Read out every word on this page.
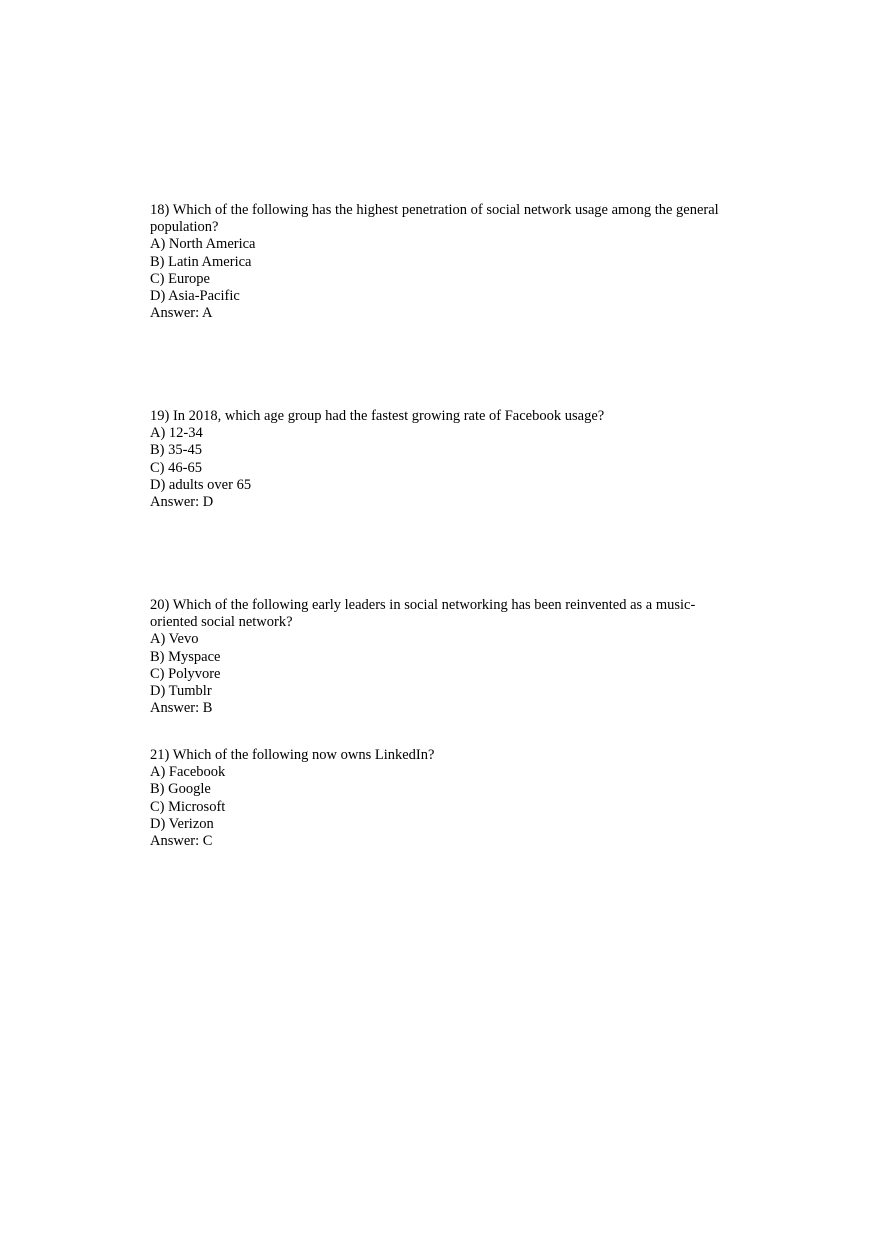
18) Which of the following has the highest penetration of social network usage among the general population?

A) North America
B) Latin America
C) Europe
D) Asia-Pacific

Answer: A

19) In 2018, which age group had the fastest growing rate of Facebook usage?

A) 12-34
B) 35-45
C) 46-65
D) adults over 65

Answer: D

20) Which of the following early leaders in social networking has been reinvented as a music-oriented social network?

A) Vevo
B) Myspace
C) Polyvore
D) Tumblr

Answer: B

21) Which of the following now owns LinkedIn?

A) Facebook
B) Google
C) Microsoft
D) Verizon

Answer: C
